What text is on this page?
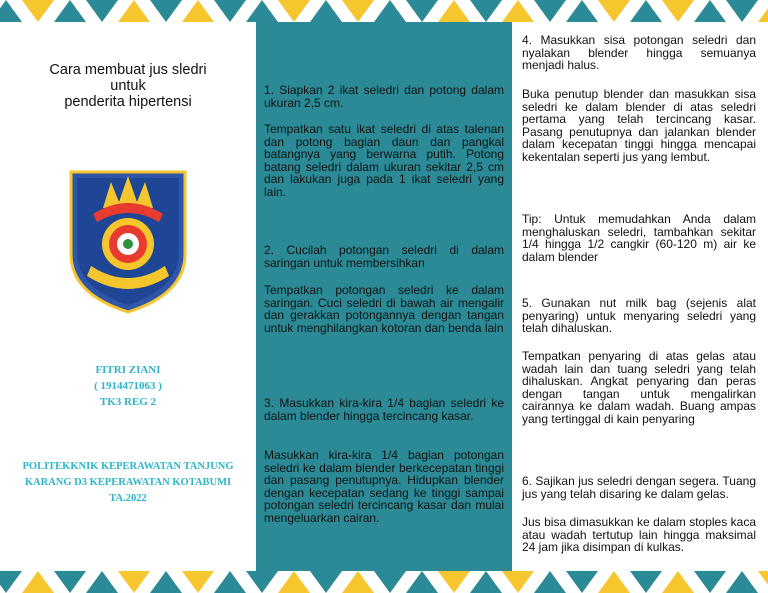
Cara membuat jus sledri
untuk
penderita hipertensi
FITRI ZIANI
( 1914471063 )
TK3 REG 2
POLITEKKNIK KEPERAWATAN TANJUNG KARANG D3 KEPERAWATAN KOTABUMI TA.2022

1. Siapkan 2 ikat seledri dan potong dalam ukuran 2,5 cm.

Tempatkan satu ikat seledri di atas talenan dan potong bagian daun dan pangkal batangnya yang berwarna putih. Potong batang seledri dalam ukuran sekitar 2,5 cm dan lakukan juga pada 1 ikat seledri yang lain.

2. Cucilah potongan seledri di dalam saringan untuk membersihkan

Tempatkan potongan seledri ke dalam saringan. Cuci seledri di bawah air mengalir dan gerakkan potongannya dengan tangan untuk menghilangkan kotoran dan benda lain

3. Masukkan kira-kira 1/4 bagian seledri ke dalam blender hingga tercincang kasar.

Masukkan kira-kira 1/4 bagian potongan seledri ke dalam blender berkecepatan tinggi dan pasang penutupnya. Hidupkan blender dengan kecepatan sedang ke tinggi sampai potongan seledri tercincang kasar dan mulai mengeluarkan cairan.

4. Masukkan sisa potongan seledri dan nyalakan blender hingga semuanya menjadi halus.

Buka penutup blender dan masukkan sisa seledri ke dalam blender di atas seledri pertama yang telah tercincang kasar. Pasang penutupnya dan jalankan blender dalam kecepatan tinggi hingga mencapai kekentalan seperti jus yang lembut.

Tip: Untuk memudahkan Anda dalam menghaluskan seledri, tambahkan sekitar 1/4 hingga 1/2 cangkir (60-120 m) air ke dalam blender

5. Gunakan nut milk bag (sejenis alat penyaring) untuk menyaring seledri yang telah dihaluskan.

Tempatkan penyaring di atas gelas atau wadah lain dan tuang seledri yang telah dihaluskan. Angkat penyaring dan peras dengan tangan untuk mengalirkan cairannya ke dalam wadah. Buang ampas yang tertinggal di kain penyaring

6. Sajikan jus seledri dengan segera. Tuang jus yang telah disaring ke dalam gelas.

Jus bisa dimasukkan ke dalam stoples kaca atau wadah tertutup lain hingga maksimal 24 jam jika disimpan di kulkas.
